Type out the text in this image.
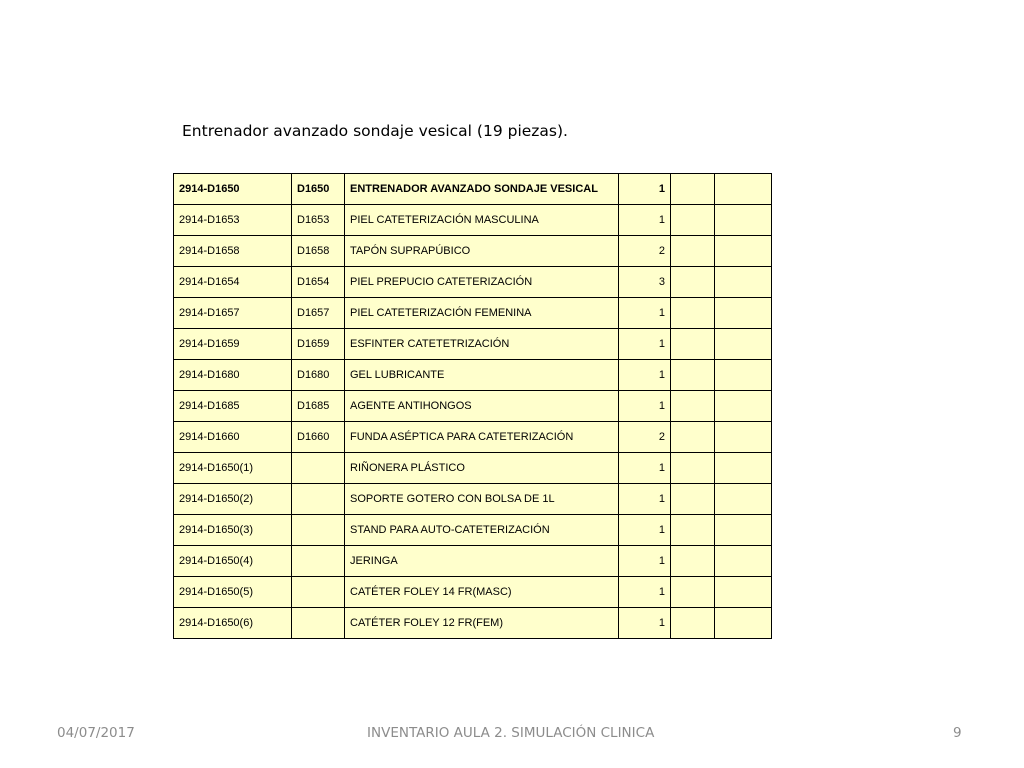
Entrenador avanzado sondaje vesical (19 piezas).
2914-D1650	D1650	ENTRENADOR AVANZADO SONDAJE VESICAL	1		
2914-D1653	D1653	PIEL CATETERIZACIÓN MASCULINA	1		
2914-D1658	D1658	TAPÓN SUPRAPÚBICO	2		
2914-D1654	D1654	PIEL PREPUCIO CATETERIZACIÓN	3		
2914-D1657	D1657	PIEL CATETERIZACIÓN FEMENINA	1		
2914-D1659	D1659	ESFINTER CATETETRIZACIÓN	1		
2914-D1680	D1680	GEL LUBRICANTE	1		
2914-D1685	D1685	AGENTE ANTIHONGOS	1		
2914-D1660	D1660	FUNDA ASÉPTICA PARA CATETERIZACIÓN	2		
2914-D1650(1)		RIÑONERA PLÁSTICO	1		
2914-D1650(2)		SOPORTE GOTERO CON BOLSA DE 1L	1		
2914-D1650(3)		STAND PARA AUTO-CATETERIZACIÓN	1		
2914-D1650(4)		JERINGA	1		
2914-D1650(5)		CATÉTER FOLEY 14 FR(MASC)	1		
2914-D1650(6)		CATÉTER FOLEY 12 FR(FEM)	1		
04/07/2017	INVENTARIO AULA 2. SIMULACIÓN CLINICA	9
